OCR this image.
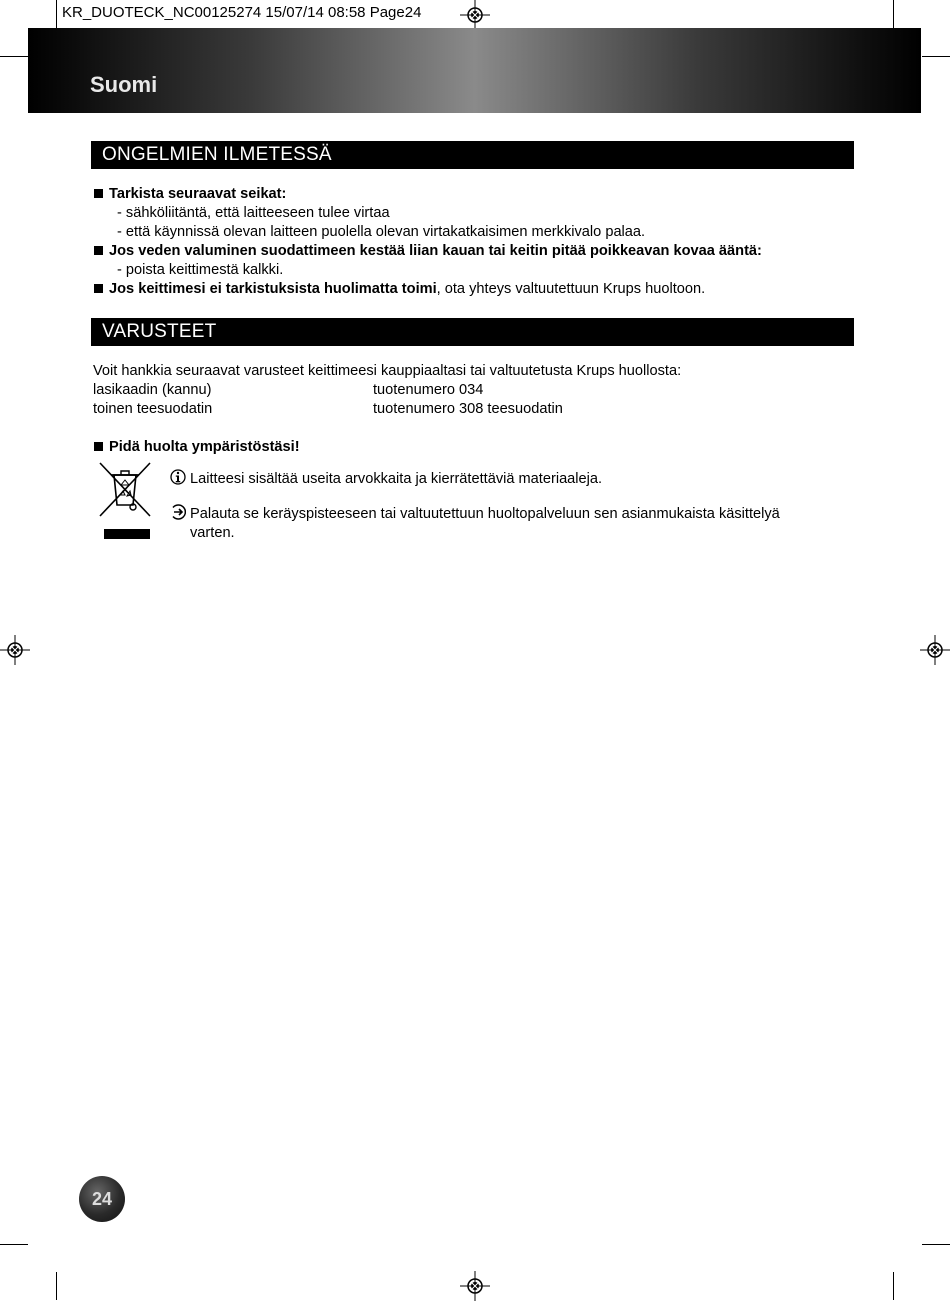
KR_DUOTECK_NC00125274 15/07/14 08:58 Page24
Suomi
ONGELMIEN ILMETESSÄ
Tarkista seuraavat seikat:
- sähköliitäntä, että laitteeseen tulee virtaa
- että käynnissä olevan laitteen puolella olevan virtakatkaisimen merkkivalo palaa.
Jos veden valuminen suodattimeen kestää liian kauan tai keitin pitää poikkeavan kovaa ääntä:
- poista keittimestä kalkki.
Jos keittimesi ei tarkistuksista huolimatta toimi, ota yhteys valtuutettuun Krups huoltoon.
VARUSTEET
Voit hankkia seuraavat varusteet keittimeesi kauppiaaltasi tai valtuutetusta Krups huollosta:
lasikaadin (kannu)	tuotenumero 034
toinen teesuodatin	tuotenumero 308 teesuodatin
Pidä huolta ympäristöstäsi!
Laitteesi sisältää useita arvokkaita ja kierrätettäviä materiaaleja.
Palauta se keräyspisteeseen tai valtuutettuun huoltopalveluun sen asianmukaista käsittelyä
varten.
24
